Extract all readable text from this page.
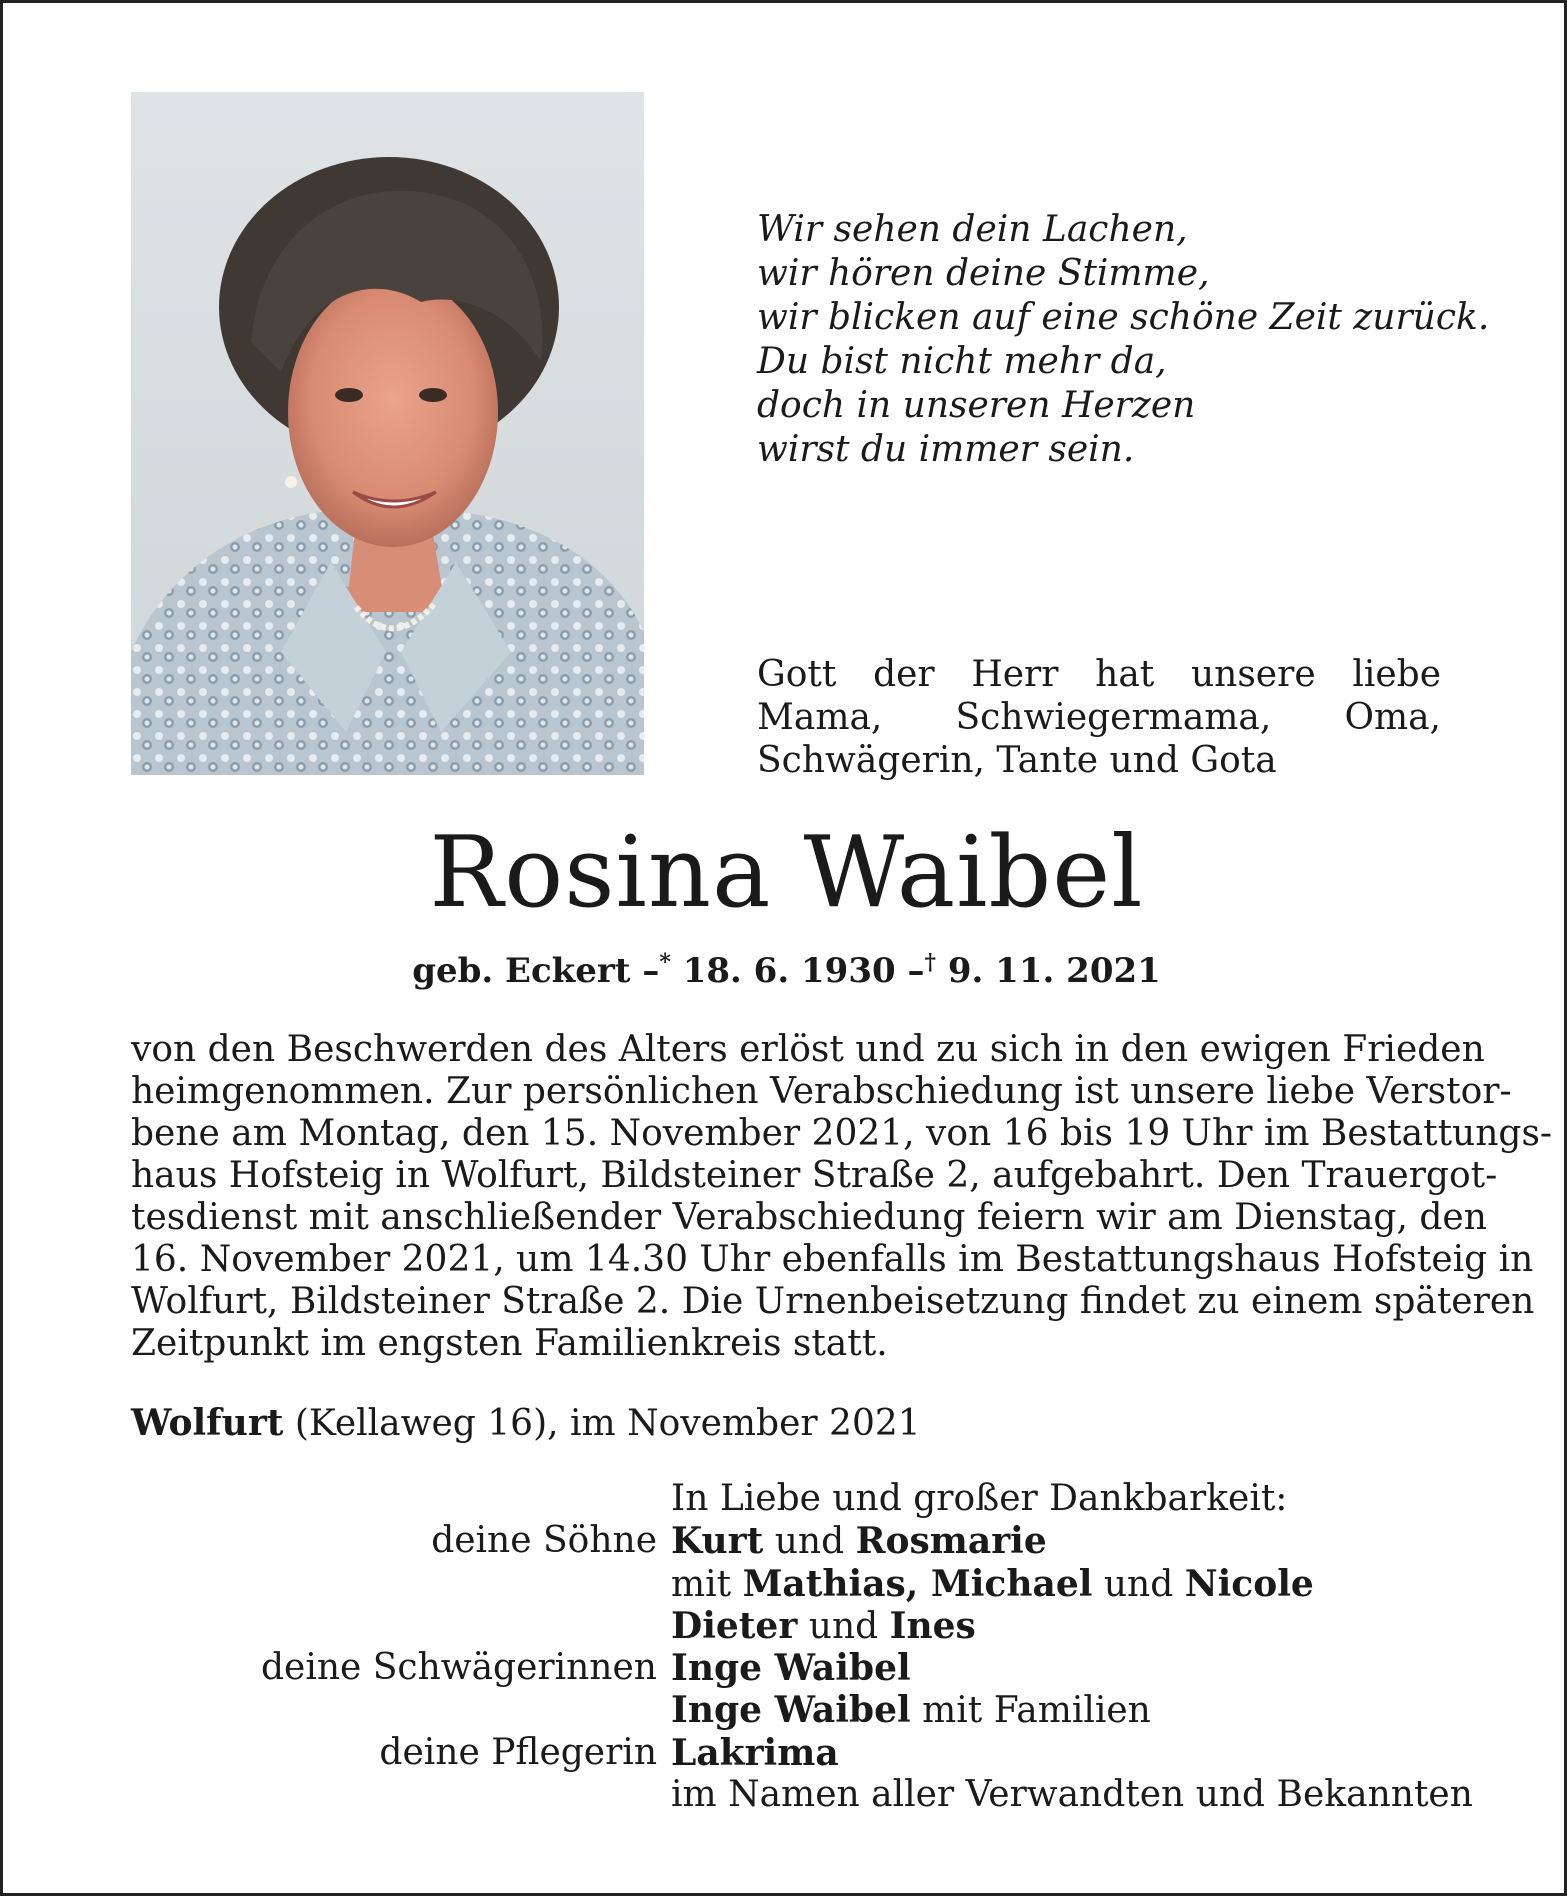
Wir sehen dein Lachen,
wir hören deine Stimme,
wir blicken auf eine schöne Zeit zurück.
Du bist nicht mehr da,
doch in unseren Herzen
wirst du immer sein.

Gott der Herr hat unsere liebe Mama, Schwiegermama, Oma, Schwägerin, Tante und Gota

Rosina Waibel

geb. Eckert –* 18. 6. 1930 –† 9. 11. 2021

von den Beschwerden des Alters erlöst und zu sich in den ewigen Frieden
heimgenommen. Zur persönlichen Verabschiedung ist unsere liebe Verstor-
bene am Montag, den 15. November 2021, von 16 bis 19 Uhr im Bestattungs-
haus Hofsteig in Wolfurt, Bildsteiner Straße 2, aufgebahrt. Den Trauergot-
tesdienst mit anschließender Verabschiedung feiern wir am Dienstag, den
16. November 2021, um 14.30 Uhr ebenfalls im Bestattungshaus Hofsteig in
Wolfurt, Bildsteiner Straße 2. Die Urnenbeisetzung findet zu einem späteren
Zeitpunkt im engsten Familienkreis statt.

Wolfurt (Kellaweg 16), im November 2021

In Liebe und großer Dankbarkeit:
deine Söhne Kurt und Rosmarie
mit Mathias, Michael und Nicole
Dieter und Ines
deine Schwägerinnen Inge Waibel
Inge Waibel mit Familien
deine Pflegerin Lakrima
im Namen aller Verwandten und Bekannten
